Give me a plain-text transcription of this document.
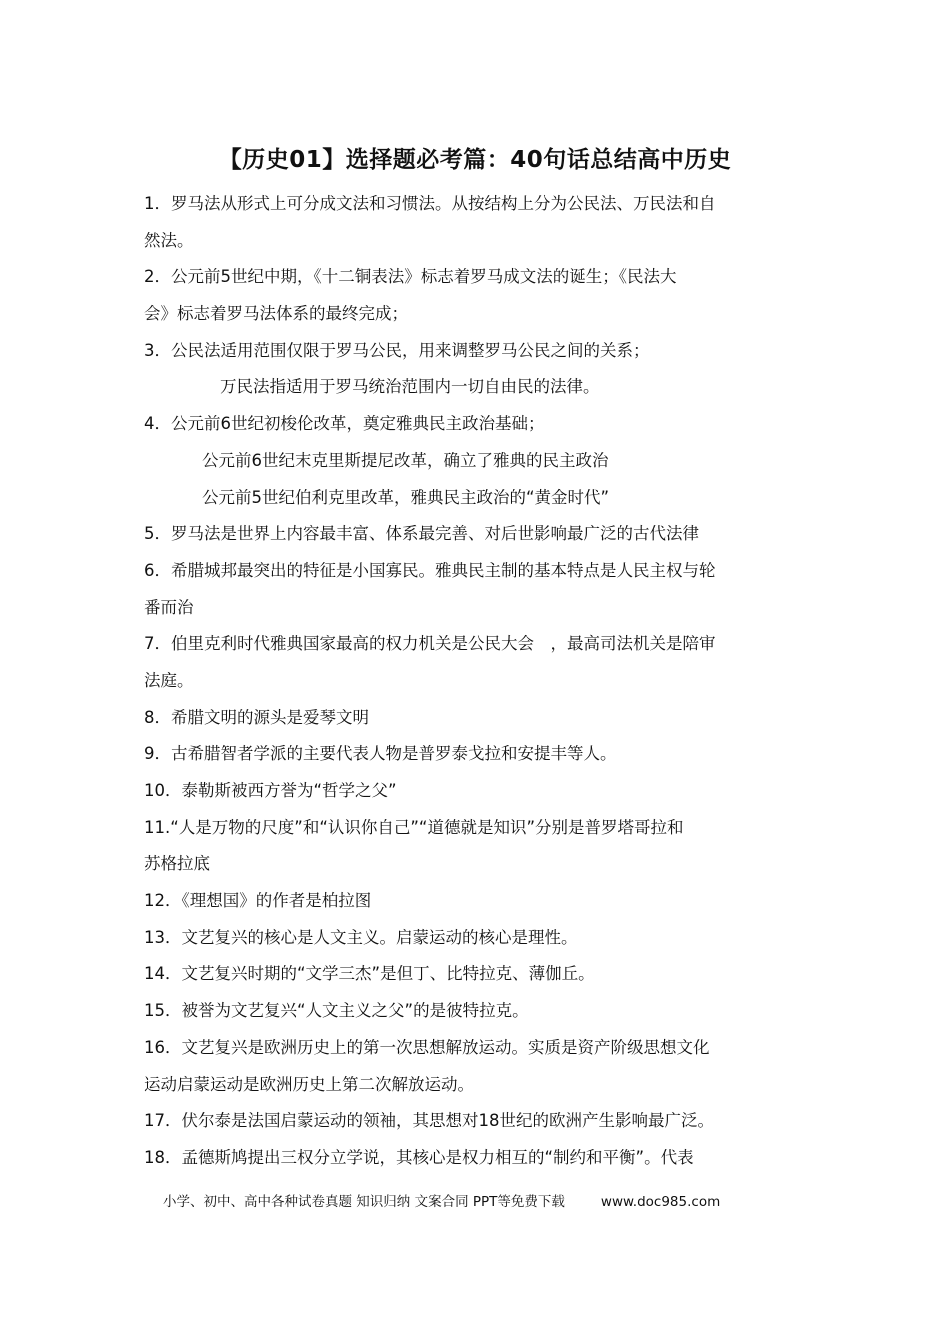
【历史01】选择题必考篇：40句话总结高中历史
1．罗马法从形式上可分成文法和习惯法。从按结构上分为公民法、万民法和自
然法。
2．公元前5世纪中期，《十二铜表法》标志着罗马成文法的诞生；《民法大
会》标志着罗马法体系的最终完成；
3．公民法适用范围仅限于罗马公民，用来调整罗马公民之间的关系；
万民法指适用于罗马统治范围内一切自由民的法律。
4．公元前6世纪初梭伦改革，奠定雅典民主政治基础；
公元前6世纪末克里斯提尼改革，确立了雅典的民主政治
公元前5世纪伯利克里改革，雅典民主政治的“黄金时代”
5．罗马法是世界上内容最丰富、体系最完善、对后世影响最广泛的古代法律
6．希腊城邦最突出的特征是小国寡民。雅典民主制的基本特点是人民主权与轮
番而治
7．伯里克利时代雅典国家最高的权力机关是公民大会　，最高司法机关是陪审
法庭。
8．希腊文明的源头是爱琴文明
9．古希腊智者学派的主要代表人物是普罗泰戈拉和安提丰等人。
10．泰勒斯被西方誉为“哲学之父”
11.“人是万物的尺度”和“认识你自己”“道德就是知识”分别是普罗塔哥拉和
苏格拉底
12．《理想国》的作者是柏拉图
13．文艺复兴的核心是人文主义。启蒙运动的核心是理性。
14．文艺复兴时期的“文学三杰”是但丁、比特拉克、薄伽丘。
15．被誉为文艺复兴“人文主义之父”的是彼特拉克。
16．文艺复兴是欧洲历史上的第一次思想解放运动。实质是资产阶级思想文化
运动启蒙运动是欧洲历史上第二次解放运动。
17．伏尔泰是法国启蒙运动的领袖，其思想对18世纪的欧洲产生影响最广泛。
18．孟德斯鸠提出三权分立学说，其核心是权力相互的“制约和平衡”。代表
小学、初中、高中各种试卷真题 知识归纳 文案合同 PPT等免费下载	www.doc985.com
